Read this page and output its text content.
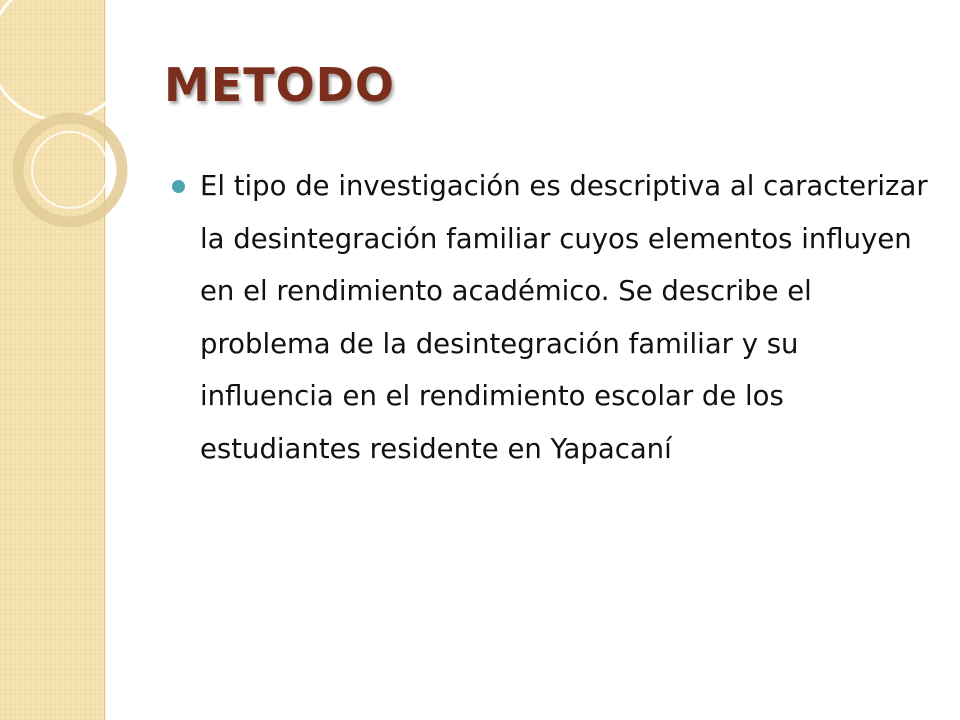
METODO
El tipo de investigación es descriptiva al caracterizar la desintegración familiar cuyos elementos influyen en el rendimiento académico. Se describe el problema de la desintegración familiar y su influencia en el rendimiento escolar de los estudiantes residente en Yapacaní
